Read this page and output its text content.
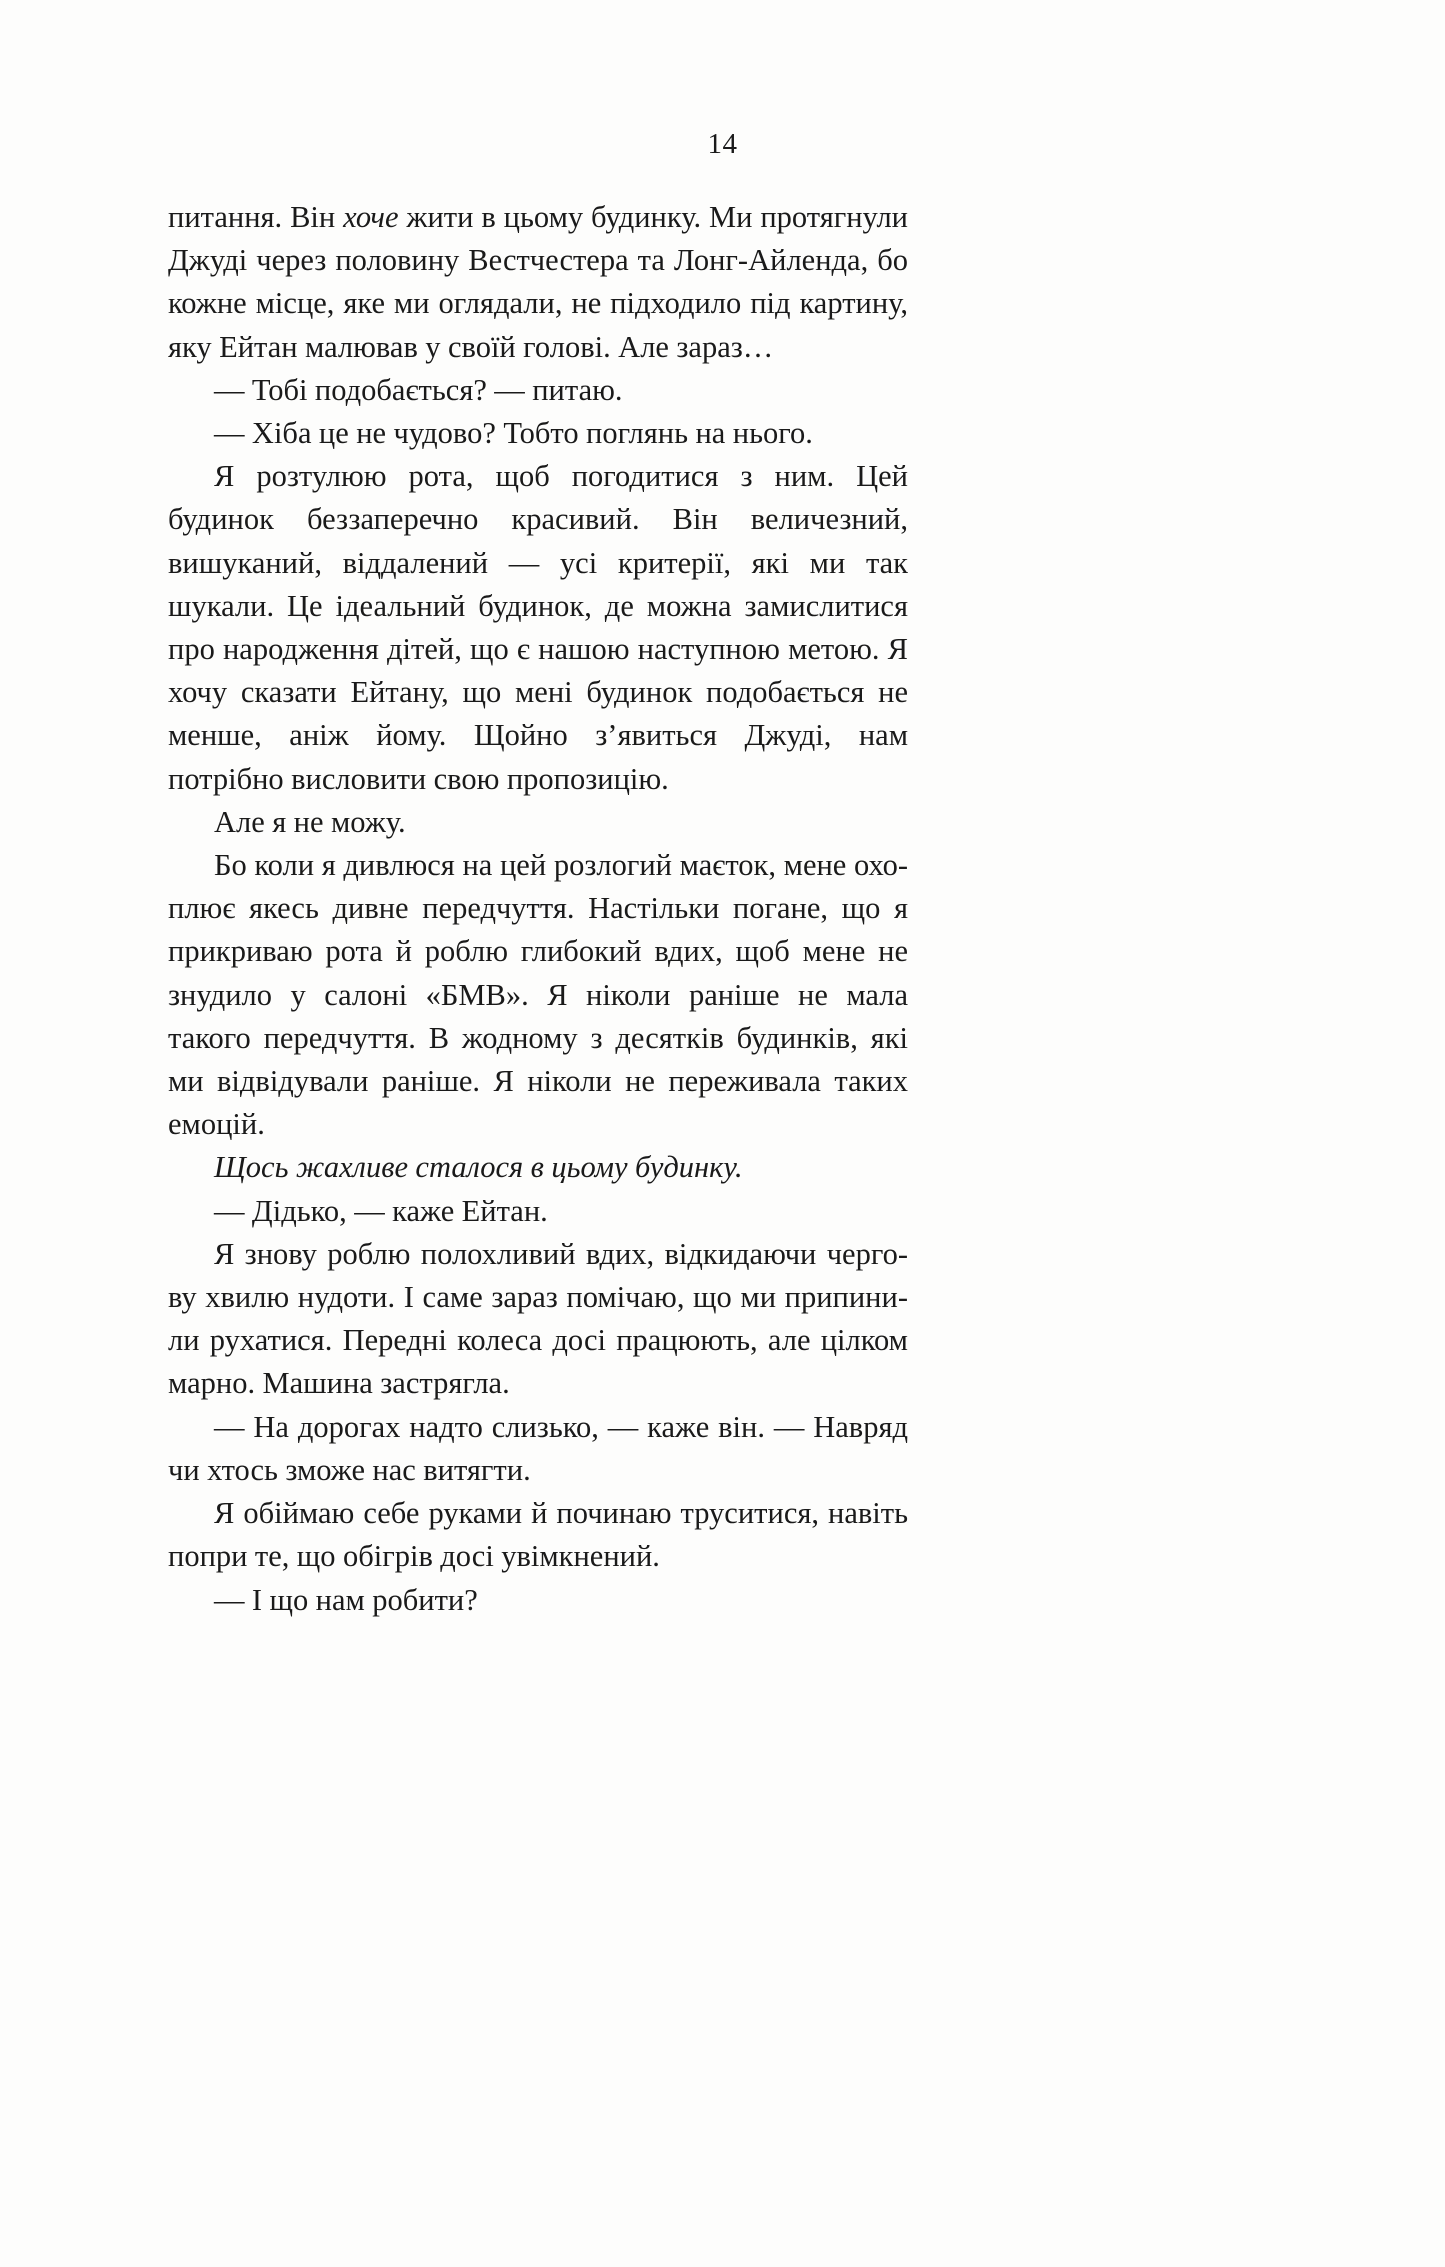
14

питання. Він хоче жити в цьому будинку. Ми протягнули Джуді через половину Вестчестера та Лонг-Айленда, бо кожне місце, яке ми оглядали, не підходило під картину, яку Ейтан малював у своїй голові. Але зараз…

— Тобі подобається? — питаю.

— Хіба це не чудово? Тобто поглянь на нього.

Я розтулюю рота, щоб погодитися з ним. Цей будинок беззаперечно красивий. Він величезний, вишуканий, віддалений — усі критерії, які ми так шукали. Це ідеальний будинок, де можна замислитися про народження дітей, що є нашою наступною метою. Я хочу сказати Ейтану, що мені будинок подобається не менше, аніж йому. Щойно з’явиться Джуді, нам потрібно висловити свою пропозицію.

Але я не можу.

Бо коли я дивлюся на цей розлогий маєток, мене охоплює якесь дивне передчуття. Настільки погане, що я прикриваю рота й роблю глибокий вдих, щоб мене не знудило у салоні «БМВ». Я ніколи раніше не мала такого передчуття. В жодному з десятків будинків, які ми відвідували раніше. Я ніколи не переживала таких емоцій.

Щось жахливе сталося в цьому будинку.

— Дідько, — каже Ейтан.

Я знову роблю полохливий вдих, відкидаючи чергову хвилю нудоти. І саме зараз помічаю, що ми припинили рухатися. Передні колеса досі працюють, але цілком марно. Машина застрягла.

— На дорогах надто слизько, — каже він. — Навряд чи хтось зможе нас витягти.

Я обіймаю себе руками й починаю труситися, навіть попри те, що обігрів досі увімкнений.

— І що нам робити?
